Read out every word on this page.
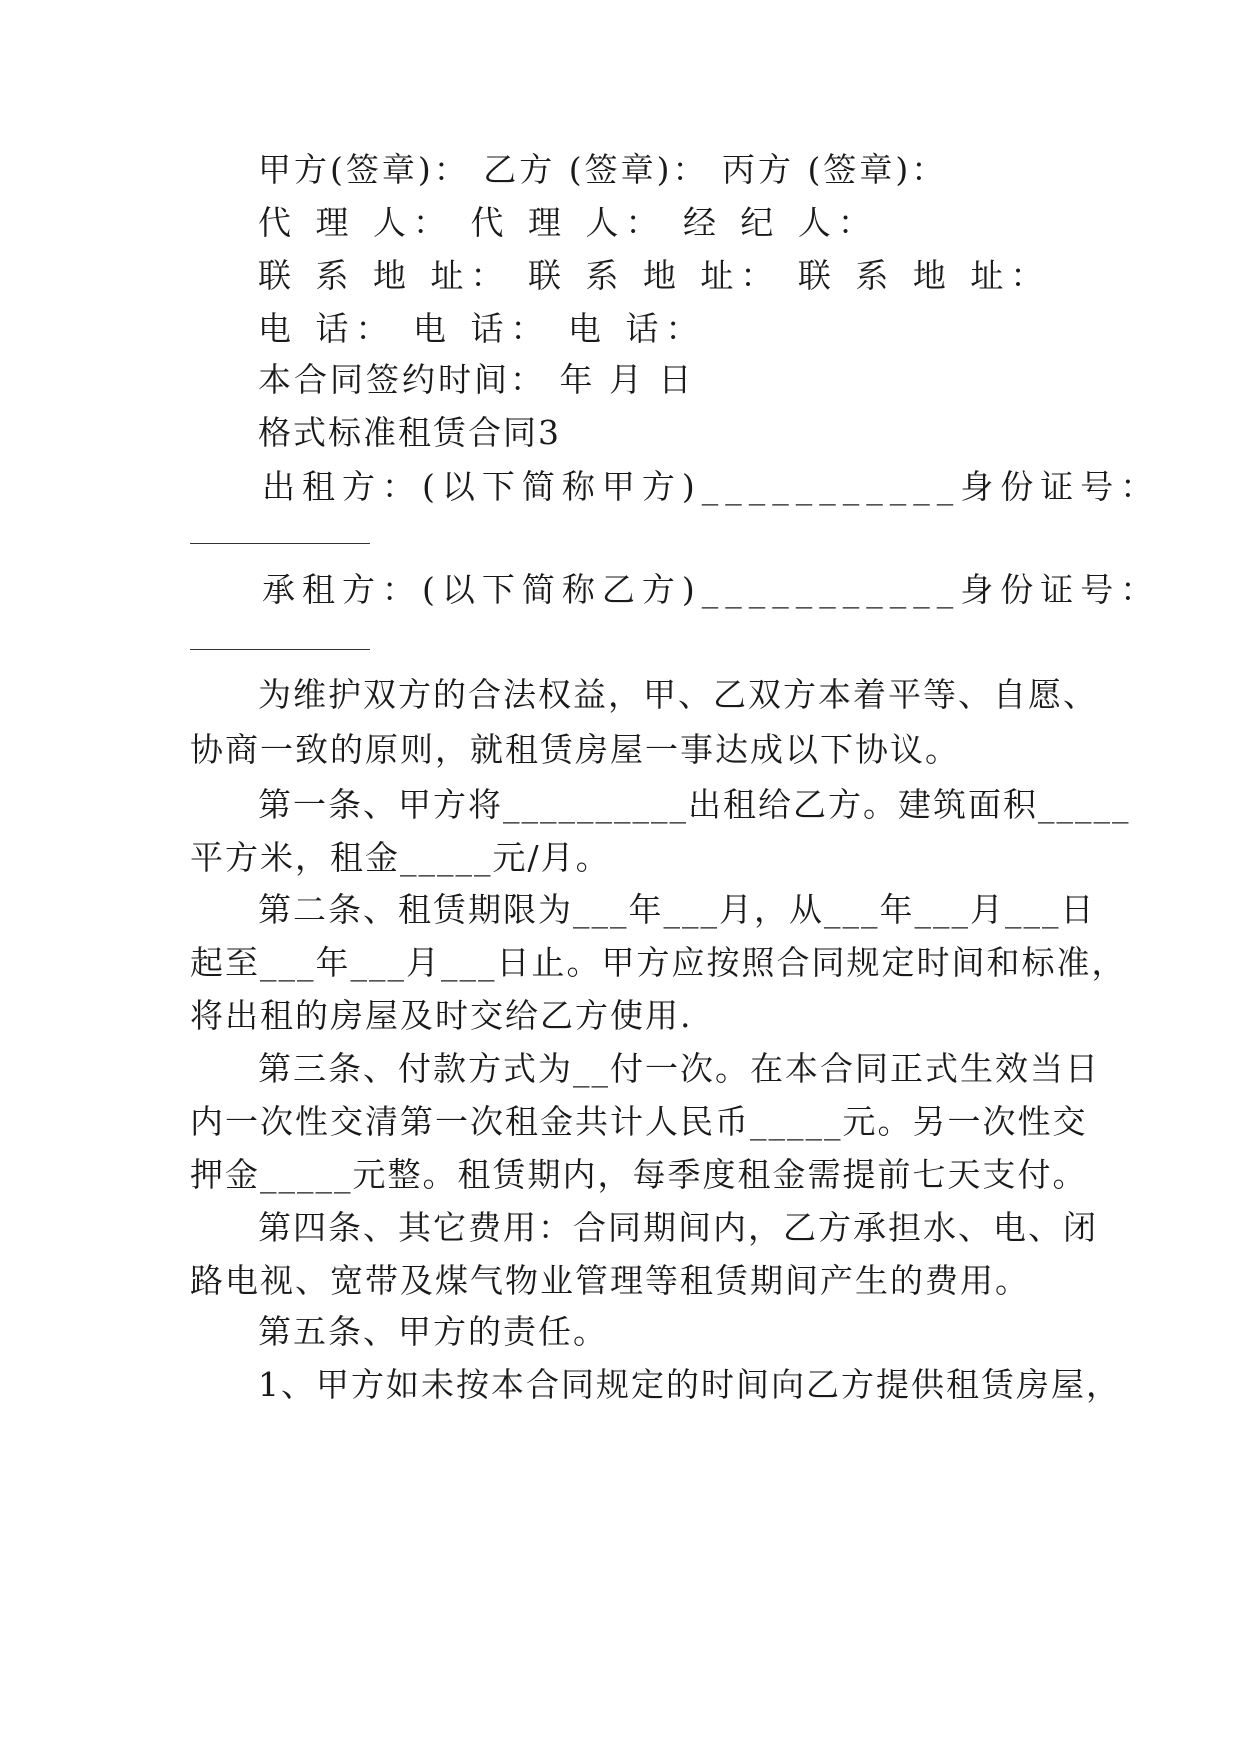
甲方(签章)： 乙方 (签章)： 丙方 (签章)：
代 理 人： 代 理 人： 经 纪 人：
联 系 地 址： 联 系 地 址： 联 系 地 址：
电 话： 电 话： 电 话：
本合同签约时间： 年 月 日
格式标准租赁合同3
出租方：(以下简称甲方)___________身份证号：
承租方：(以下简称乙方)___________身份证号：
为维护双方的合法权益，甲、乙双方本着平等、自愿、
协商一致的原则，就租赁房屋一事达成以下协议。
第一条、甲方将__________出租给乙方。建筑面积_____
平方米，租金_____元/月。
第二条、租赁期限为___年___月，从___年___月___日
起至___年___月___日止。甲方应按照合同规定时间和标准，
将出租的房屋及时交给乙方使用.
第三条、付款方式为__付一次。在本合同正式生效当日
内一次性交清第一次租金共计人民币_____元。另一次性交
押金_____元整。租赁期内，每季度租金需提前七天支付。
第四条、其它费用：合同期间内，乙方承担水、电、闭
路电视、宽带及煤气物业管理等租赁期间产生的费用。
第五条、甲方的责任。
1、甲方如未按本合同规定的时间向乙方提供租赁房屋，
